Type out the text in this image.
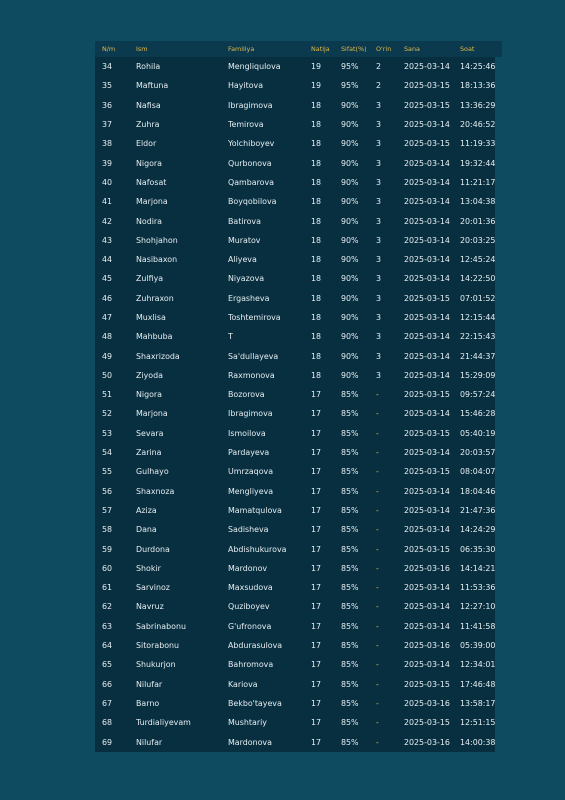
N/m	Ism	Familiya	Natija	Sifat(%)	O'rin	Sana	Soat
34	Rohila	Mengliqulova	19	95%	2	2025-03-14	14:25:46
35	Maftuna	Hayitova	19	95%	2	2025-03-15	18:13:36
36	Nafisa	Ibragimova	18	90%	3	2025-03-15	13:36:29
37	Zuhra	Temirova	18	90%	3	2025-03-14	20:46:52
38	Eldor	Yolchiboyev	18	90%	3	2025-03-15	11:19:33
39	Nigora	Qurbonova	18	90%	3	2025-03-14	19:32:44
40	Nafosat	Qambarova	18	90%	3	2025-03-14	11:21:17
41	Marjona	Boyqobilova	18	90%	3	2025-03-14	13:04:38
42	Nodira	Batirova	18	90%	3	2025-03-14	20:01:36
43	Shohjahon	Muratov	18	90%	3	2025-03-14	20:03:25
44	Nasibaxon	Aliyeva	18	90%	3	2025-03-14	12:45:24
45	Zulfiya	Niyazova	18	90%	3	2025-03-14	14:22:50
46	Zuhraxon	Ergasheva	18	90%	3	2025-03-15	07:01:52
47	Muxlisa	Toshtemirova	18	90%	3	2025-03-14	12:15:44
48	Mahbuba	T	18	90%	3	2025-03-14	22:15:43
49	Shaxrizoda	Sa'dullayeva	18	90%	3	2025-03-14	21:44:37
50	Ziyoda	Raxmonova	18	90%	3	2025-03-14	15:29:09
51	Nigora	Bozorova	17	85%	-	2025-03-15	09:57:24
52	Marjona	Ibragimova	17	85%	-	2025-03-14	15:46:28
53	Sevara	Ismoilova	17	85%	-	2025-03-15	05:40:19
54	Zarina	Pardayeva	17	85%	-	2025-03-14	20:03:57
55	Gulhayo	Umrzaqova	17	85%	-	2025-03-15	08:04:07
56	Shaxnoza	Mengliyeva	17	85%	-	2025-03-14	18:04:46
57	Aziza	Mamatqulova	17	85%	-	2025-03-14	21:47:36
58	Dana	Sadisheva	17	85%	-	2025-03-14	14:24:29
59	Durdona	Abdishukurova	17	85%	-	2025-03-15	06:35:30
60	Shokir	Mardonov	17	85%	-	2025-03-16	14:14:21
61	Sarvinoz	Maxsudova	17	85%	-	2025-03-14	11:53:36
62	Navruz	Quziboyev	17	85%	-	2025-03-14	12:27:10
63	Sabrinabonu	G'ufronova	17	85%	-	2025-03-14	11:41:58
64	Sitorabonu	Abdurasulova	17	85%	-	2025-03-16	05:39:00
65	Shukurjon	Bahromova	17	85%	-	2025-03-14	12:34:01
66	Nilufar	Kariova	17	85%	-	2025-03-15	17:46:48
67	Barno	Bekbo'tayeva	17	85%	-	2025-03-16	13:58:17
68	Turdialiyevam	Mushtariy	17	85%	-	2025-03-15	12:51:15
69	Nilufar	Mardonova	17	85%	-	2025-03-16	14:00:38
